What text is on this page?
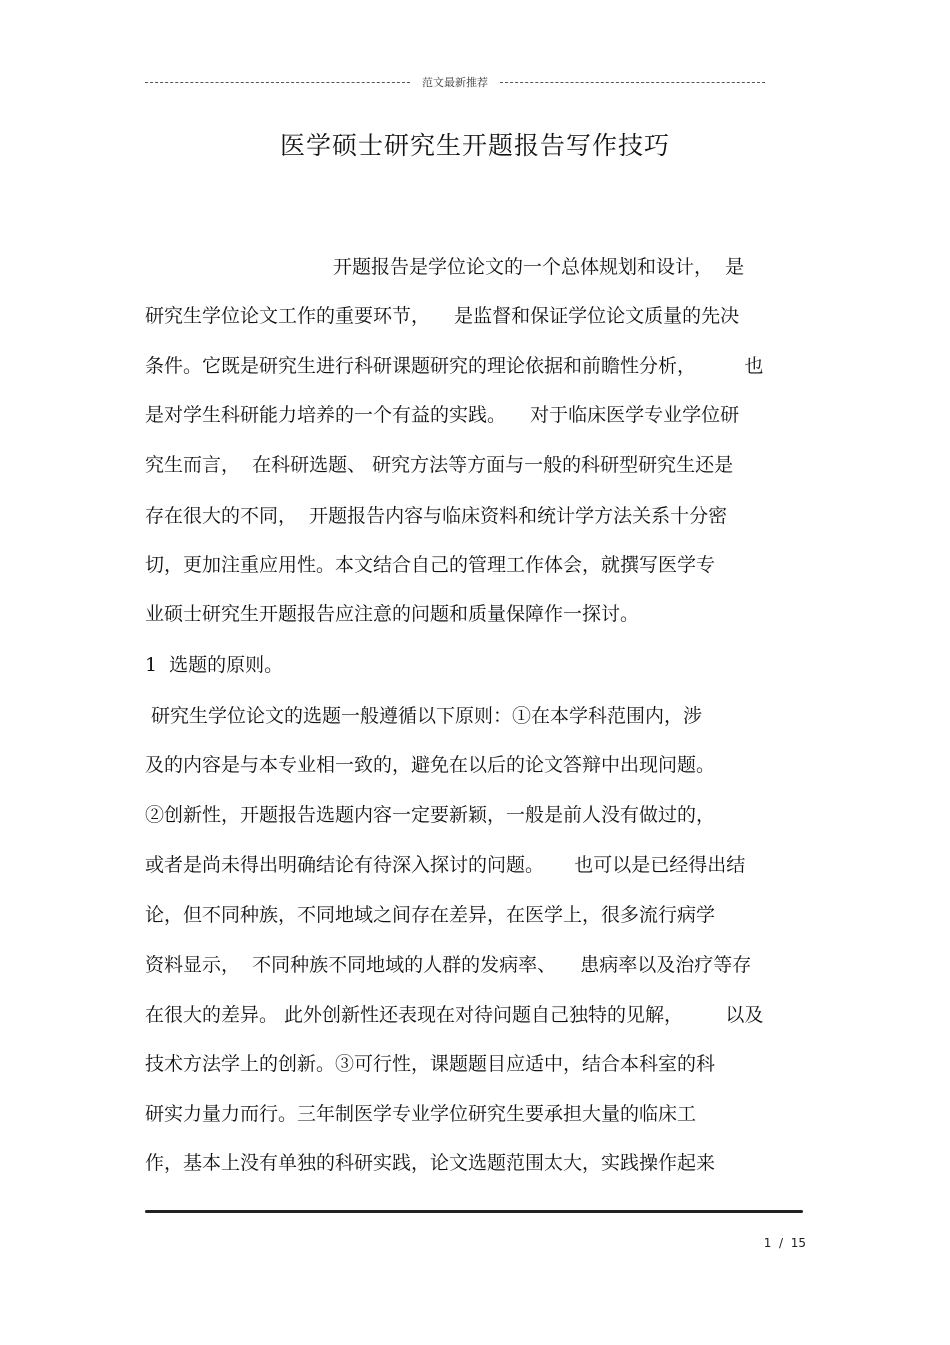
范文最新推荐
医学硕士研究生开题报告写作技巧
开题报告是学位论文的一个总体规划和设计，  是
研究生学位论文工作的重要环节，    是监督和保证学位论文质量的先决
条件。它既是研究生进行科研课题研究的理论依据和前瞻性分析，        也
是对学生科研能力培养的一个有益的实践。    对于临床医学专业学位研
究生而言，  在科研选题、 研究方法等方面与一般的科研型研究生还是
存在很大的不同，  开题报告内容与临床资料和统计学方法关系十分密
切，更加注重应用性。本文结合自己的管理工作体会，就撰写医学专
业硕士研究生开题报告应注意的问题和质量保障作一探讨。
1  选题的原则。
研究生学位论文的选题一般遵循以下原则：①在本学科范围内，涉
及的内容是与本专业相一致的，避免在以后的论文答辩中出现问题。
②创新性，开题报告选题内容一定要新颖，一般是前人没有做过的，
或者是尚未得出明确结论有待深入探讨的问题。     也可以是已经得出结
论，但不同种族，不同地域之间存在差异，在医学上，很多流行病学
资料显示，  不同种族不同地域的人群的发病率、    患病率以及治疗等存
在很大的差异。 此外创新性还表现在对待问题自己独特的见解，       以及
技术方法学上的创新。③可行性，课题题目应适中，结合本科室的科
研实力量力而行。三年制医学专业学位研究生要承担大量的临床工
作，基本上没有单独的科研实践，论文选题范围太大，实践操作起来
1  /  15
